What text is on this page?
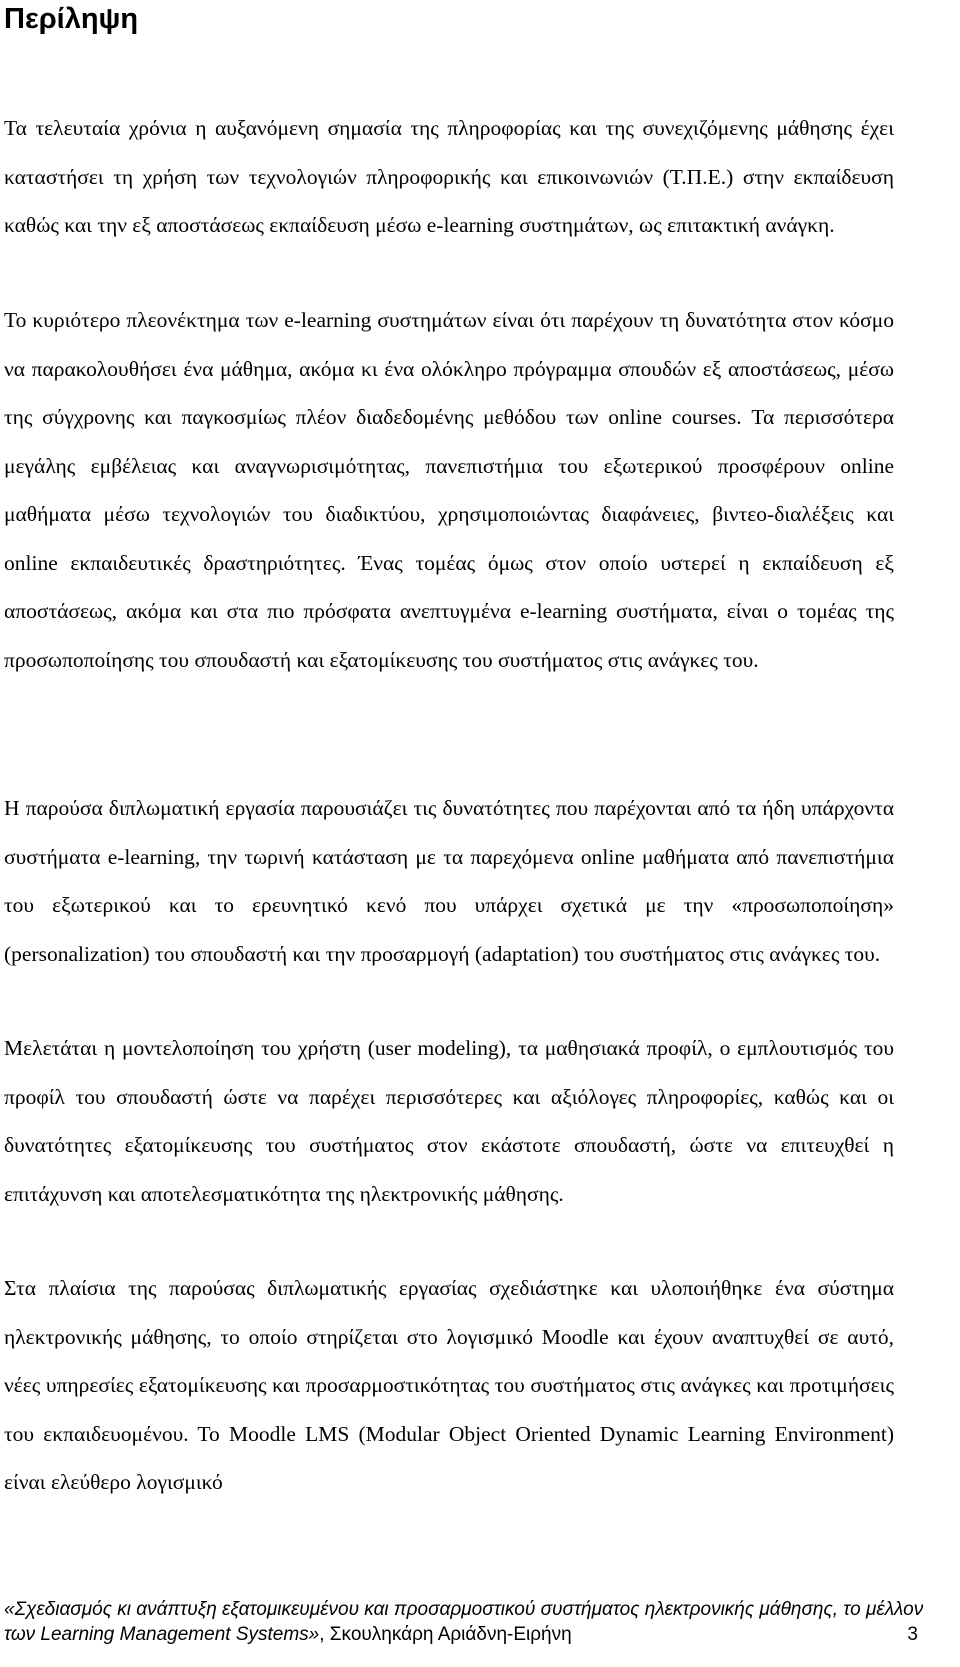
Περίληψη

Τα τελευταία χρόνια η αυξανόμενη σημασία της πληροφορίας και της συνεχιζόμενης μάθησης έχει καταστήσει τη χρήση των τεχνολογιών πληροφορικής και επικοινωνιών (Τ.Π.Ε.) στην εκπαίδευση καθώς και την εξ αποστάσεως εκπαίδευση μέσω e-learning συστημάτων, ως επιτακτική ανάγκη.

Το κυριότερο πλεονέκτημα των e-learning συστημάτων είναι ότι παρέχουν τη δυνατότητα στον κόσμο να παρακολουθήσει ένα μάθημα, ακόμα κι ένα ολόκληρο πρόγραμμα σπουδών εξ αποστάσεως, μέσω της σύγχρονης και παγκοσμίως πλέον διαδεδομένης μεθόδου των online courses. Τα περισσότερα μεγάλης εμβέλειας και αναγνωρισιμότητας, πανεπιστήμια του εξωτερικού προσφέρουν online μαθήματα μέσω τεχνολογιών του διαδικτύου, χρησιμοποιώντας διαφάνειες, βιντεο-διαλέξεις και online εκπαιδευτικές δραστηριότητες. Ένας τομέας όμως στον οποίο υστερεί η εκπαίδευση εξ αποστάσεως, ακόμα και στα πιο πρόσφατα ανεπτυγμένα e-learning συστήματα, είναι ο τομέας της προσωποποίησης του σπουδαστή και εξατομίκευσης του συστήματος στις ανάγκες του.

Η παρούσα διπλωματική εργασία παρουσιάζει τις δυνατότητες που παρέχονται από τα ήδη υπάρχοντα συστήματα e-learning, την τωρινή κατάσταση με τα παρεχόμενα online μαθήματα από πανεπιστήμια του εξωτερικού και το ερευνητικό κενό που υπάρχει σχετικά με την «προσωποποίηση» (personalization) του σπουδαστή και την προσαρμογή (adaptation) του συστήματος στις ανάγκες του.

Μελετάται η μοντελοποίηση του χρήστη (user modeling), τα μαθησιακά προφίλ, ο εμπλουτισμός του προφίλ του σπουδαστή ώστε να παρέχει περισσότερες και αξιόλογες πληροφορίες, καθώς και οι δυνατότητες εξατομίκευσης του συστήματος στον εκάστοτε σπουδαστή, ώστε να επιτευχθεί η επιτάχυνση και αποτελεσματικότητα της ηλεκτρονικής μάθησης.

Στα πλαίσια της παρούσας διπλωματικής εργασίας σχεδιάστηκε και υλοποιήθηκε ένα σύστημα ηλεκτρονικής μάθησης, το οποίο στηρίζεται στο λογισμικό Moodle και έχουν αναπτυχθεί σε αυτό, νέες υπηρεσίες εξατομίκευσης και προσαρμοστικότητας του συστήματος στις ανάγκες και προτιμήσεις του εκπαιδευομένου. Το Moodle LMS (Modular Object Oriented Dynamic Learning Environment) είναι ελεύθερο λογισμικό

«Σχεδιασμός κι ανάπτυξη εξατομικευμένου και προσαρμοστικού συστήματος ηλεκτρονικής μάθησης, το μέλλον των Learning Management Systems», Σκουληκάρη Αριάδνη-Ειρήνη	3
